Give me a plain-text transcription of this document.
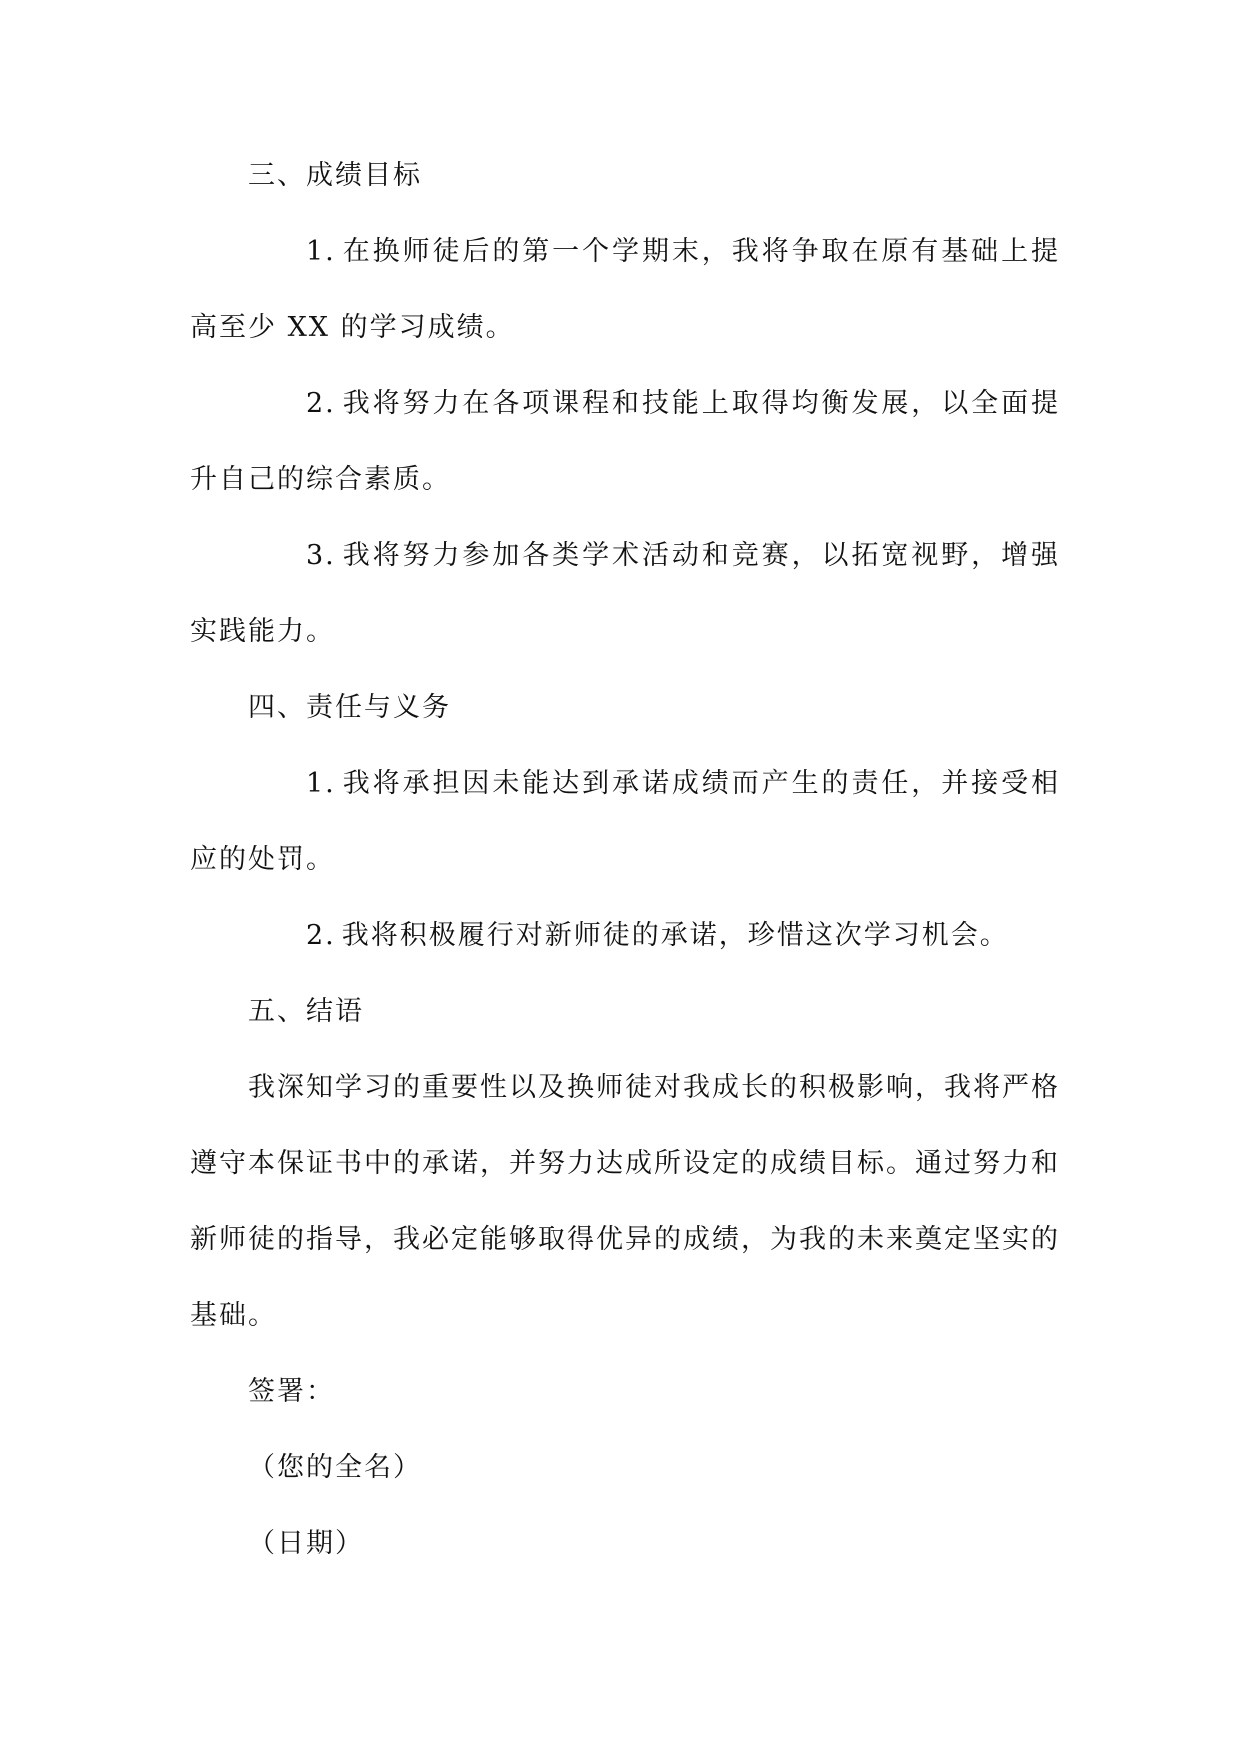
三、成绩目标

1. 在换师徒后的第一个学期末，我将争取在原有基础上提高至少 XX 的学习成绩。

2. 我将努力在各项课程和技能上取得均衡发展，以全面提升自己的综合素质。

3. 我将努力参加各类学术活动和竞赛，以拓宽视野，增强实践能力。

四、责任与义务

1. 我将承担因未能达到承诺成绩而产生的责任，并接受相应的处罚。

2. 我将积极履行对新师徒的承诺，珍惜这次学习机会。

五、结语

我深知学习的重要性以及换师徒对我成长的积极影响，我将严格遵守本保证书中的承诺，并努力达成所设定的成绩目标。通过努力和新师徒的指导，我必定能够取得优异的成绩，为我的未来奠定坚实的基础。

签署：

（您的全名）

（日期）
